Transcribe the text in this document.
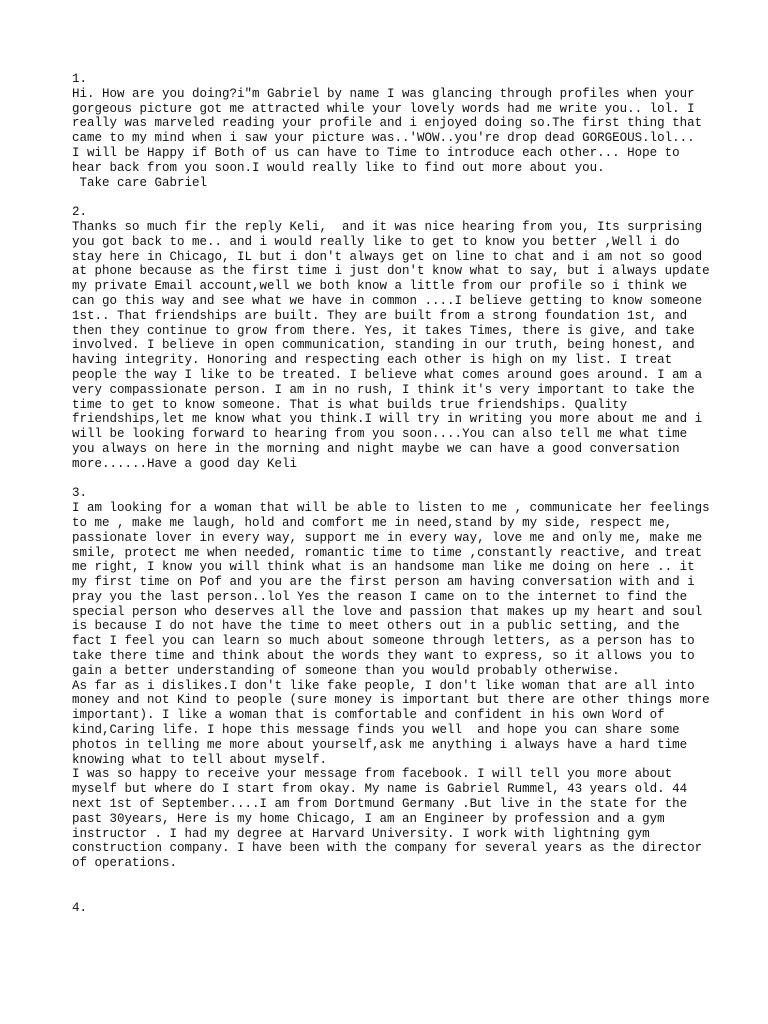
1.

Hi. How are you doing?i"m Gabriel by name I was glancing through profiles when your gorgeous picture got me attracted while your lovely words had me write you.. lol. I really was marveled reading your profile and i enjoyed doing so.The first thing that came to my mind when i saw your picture was..'WOW..you're drop dead GORGEOUS.lol...

I will be Happy if Both of us can have to Time to introduce each other... Hope to hear back from you soon.I would really like to find out more about you.

Take care Gabriel

2.

Thanks so much fir the reply Keli,  and it was nice hearing from you, Its surprising you got back to me.. and i would really like to get to know you better ,Well i do stay here in Chicago, IL but i don't always get on line to chat and i am not so good at phone because as the first time i just don't know what to say, but i always update my private Email account,well we both know a little from our profile so i think we can go this way and see what we have in common ....I believe getting to know someone 1st.. That friendships are built. They are built from a strong foundation 1st, and then they continue to grow from there. Yes, it takes Times, there is give, and take involved. I believe in open communication, standing in our truth, being honest, and having integrity. Honoring and respecting each other is high on my list. I treat people the way I like to be treated. I believe what comes around goes around. I am a very compassionate person. I am in no rush, I think it's very important to take the time to get to know someone. That is what builds true friendships. Quality friendships,let me know what you think.I will try in writing you more about me and i will be looking forward to hearing from you soon....You can also tell me what time you always on here in the morning and night maybe we can have a good conversation more......Have a good day Keli

3.

I am looking for a woman that will be able to listen to me , communicate her feelings to me , make me laugh, hold and comfort me in need,stand by my side, respect me, passionate lover in every way, support me in every way, love me and only me, make me smile, protect me when needed, romantic time to time ,constantly reactive, and treat me right, I know you will think what is an handsome man like me doing on here .. it my first time on Pof and you are the first person am having conversation with and i pray you the last person..lol Yes the reason I came on to the internet to find the special person who deserves all the love and passion that makes up my heart and soul is because I do not have the time to meet others out in a public setting, and the fact I feel you can learn so much about someone through letters, as a person has to take there time and think about the words they want to express, so it allows you to gain a better understanding of someone than you would probably otherwise.

As far as i dislikes.I don't like fake people, I don't like woman that are all into money and not Kind to people (sure money is important but there are other things more important). I like a woman that is comfortable and confident in his own Word of kind,Caring life. I hope this message finds you well  and hope you can share some photos in telling me more about yourself,ask me anything i always have a hard time knowing what to tell about myself.

I was so happy to receive your message from facebook. I will tell you more about myself but where do I start from okay. My name is Gabriel Rummel, 43 years old. 44 next 1st of September....I am from Dortmund Germany .But live in the state for the past 30years, Here is my home Chicago, I am an Engineer by profession and a gym instructor . I had my degree at Harvard University. I work with lightning gym construction company. I have been with the company for several years as the director of operations.

4.
